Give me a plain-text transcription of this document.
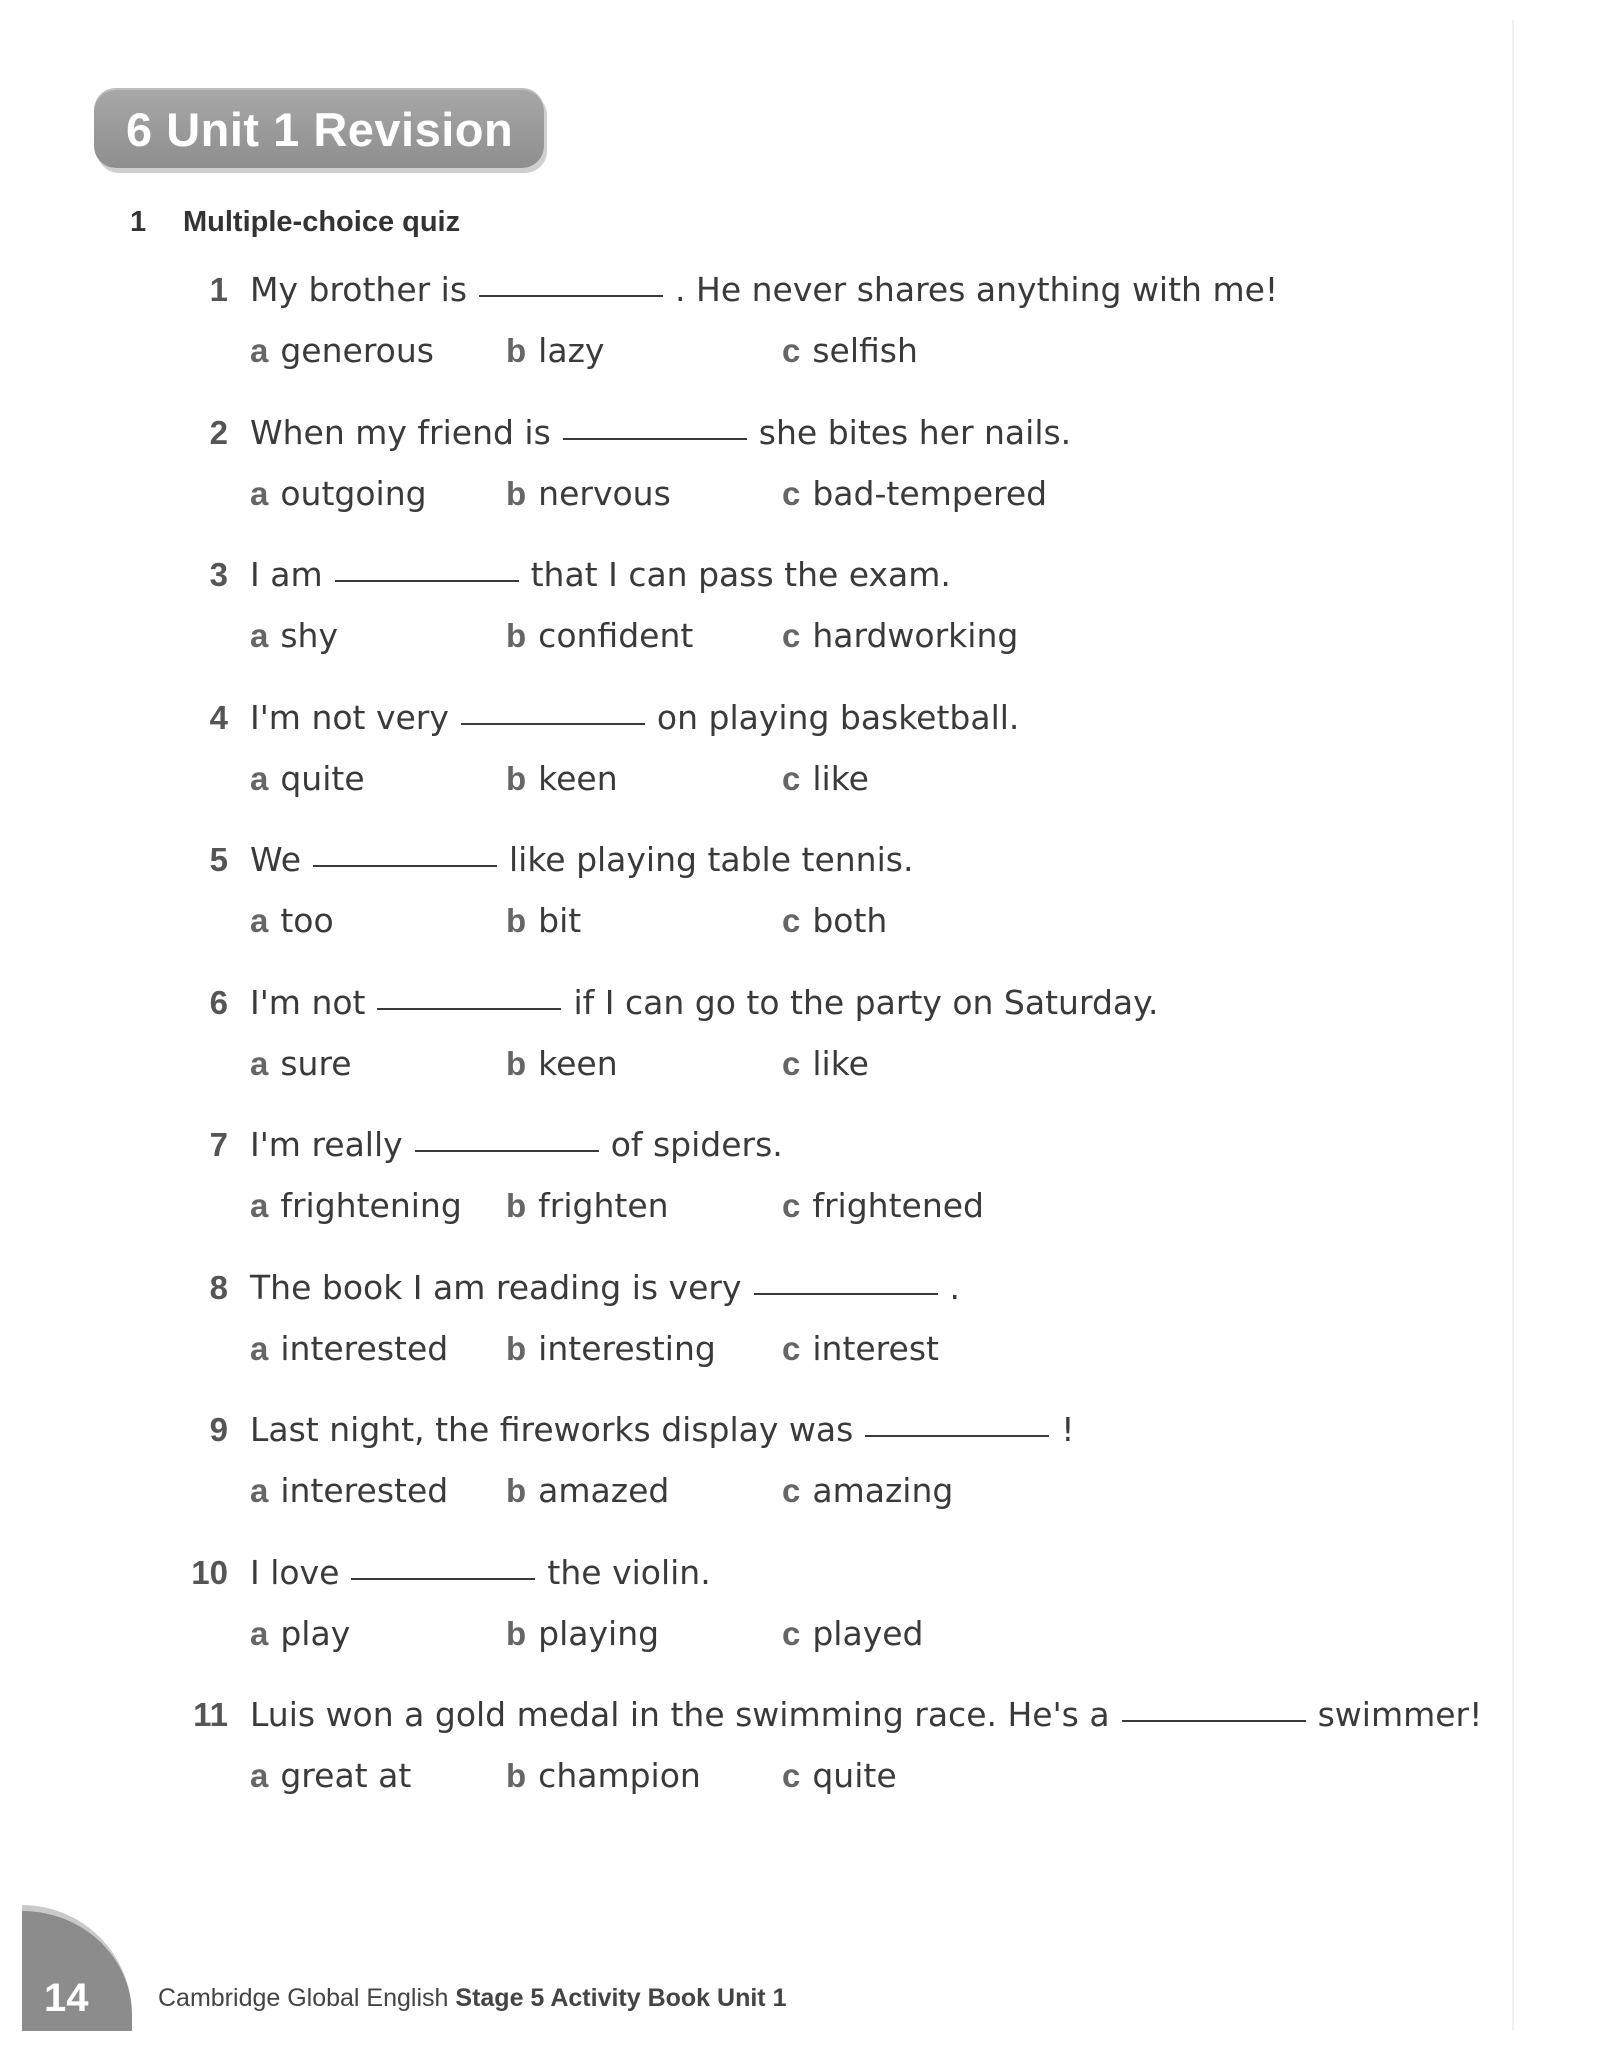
6 Unit 1 Revision
1 Multiple-choice quiz
1 My brother is	. He never shares anything with me!
a generous b lazy	c selfish
2 When my friend is	she bites her nails.
a outgoing b nervous	c bad-tempered
3 I am	that I can pass the exam.
a shy	b confident	c hardworking
4 I'm not very	on playing basketball.
a quite	b keen	c like
5 We	like playing table tennis.
a too	b bit	c both
6 I'm not	if I can go to the party on Saturday.
a sure	b keen	c like
7 I'm really	of spiders.
a frightening b frighten	c frightened
8 The book I am reading is very	.
a interested b interesting c interest
9 Last night, the fireworks display was	!
a interested b amazed	c amazing
10 I love	the violin.
a play	b playing	c played
11 Luis won a gold medal in the swimming race. He's a	swimmer!
a great at	b champion c quite
14	Cambridge Global English Stage 5 Activity Book Unit 1
